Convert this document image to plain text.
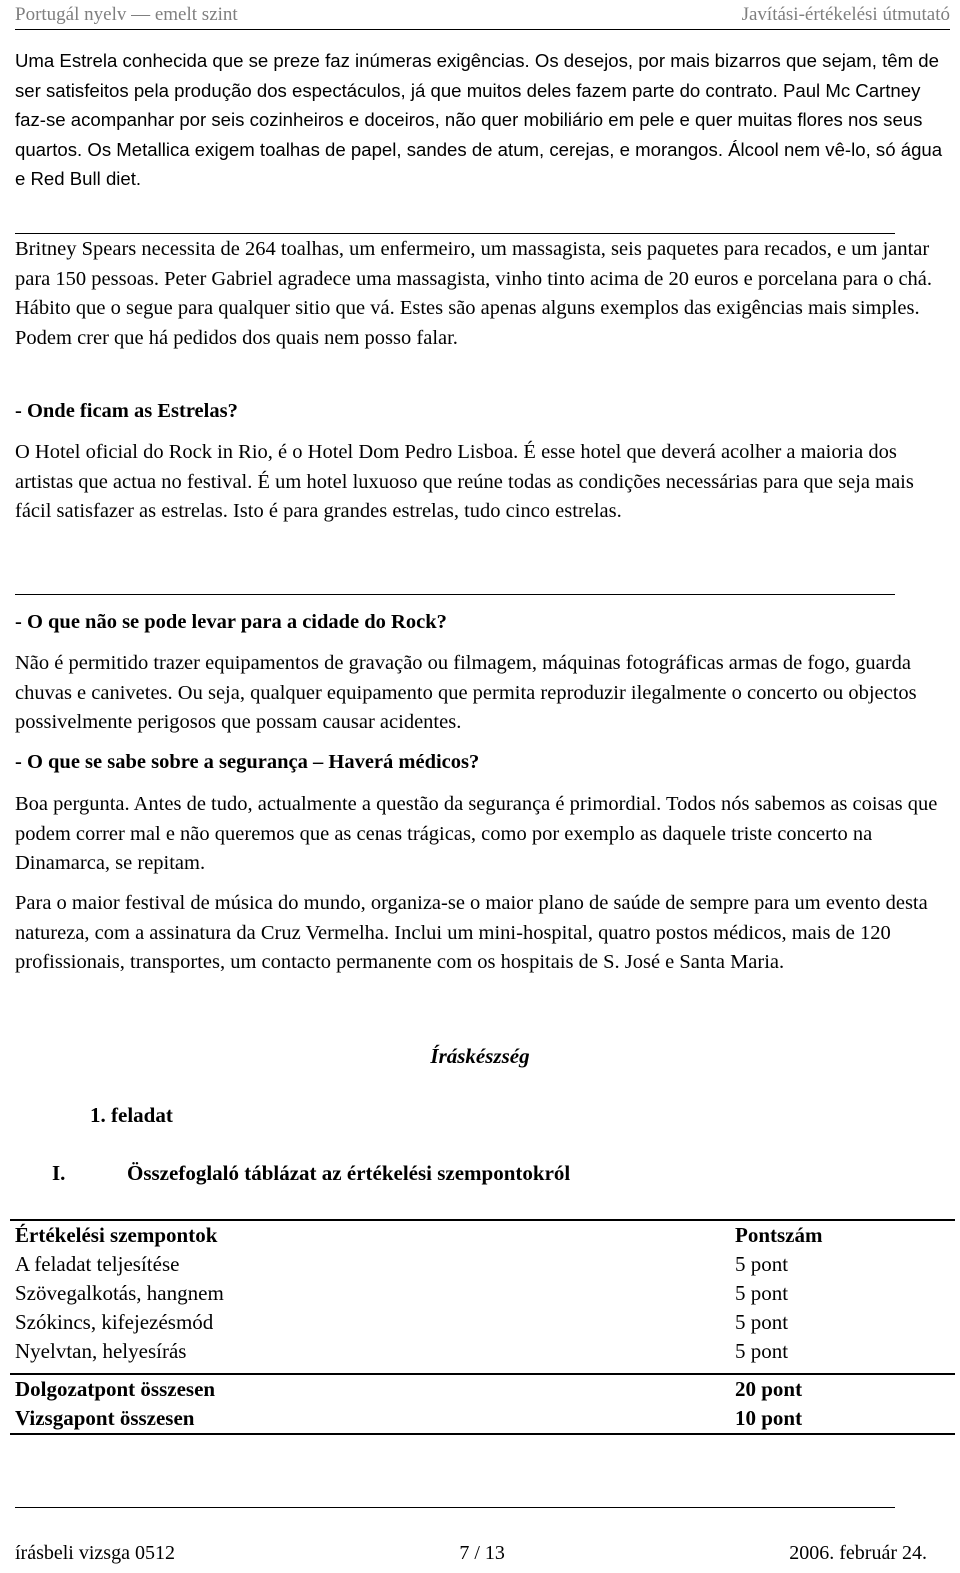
Portugál nyelv — emelt szint	Javítási-értékelési útmutató

Uma Estrela conhecida que se preze faz inúmeras exigências. Os desejos, por mais bizarros que sejam, têm de ser satisfeitos pela produção dos espectáculos, já que muitos deles fazem parte do contrato. Paul Mc Cartney faz-se acompanhar por seis cozinheiros e doceiros, não quer mobiliário em pele e quer muitas flores nos seus quartos. Os Metallica exigem toalhas de papel, sandes de atum, cerejas, e morangos. Álcool nem vê-lo, só água e Red Bull diet.

Britney Spears necessita de 264 toalhas, um enfermeiro, um massagista, seis paquetes para recados, e um jantar para 150 pessoas. Peter Gabriel agradece uma massagista, vinho tinto acima de 20 euros e porcelana para o chá. Hábito que o segue para qualquer sitio que vá. Estes são apenas alguns exemplos das exigências mais simples. Podem crer que há pedidos dos quais nem posso falar.

- Onde ficam as Estrelas?

O Hotel oficial do Rock in Rio, é o Hotel Dom Pedro Lisboa. É esse hotel que deverá acolher a maioria dos artistas que actua no festival. É um hotel luxuoso que reúne todas as condições necessárias para que seja mais fácil satisfazer as estrelas. Isto é para grandes estrelas, tudo cinco estrelas.

- O que não se pode levar para a cidade do Rock?

Não é permitido trazer equipamentos de gravação ou filmagem, máquinas fotográficas armas de fogo, guarda chuvas e canivetes. Ou seja, qualquer equipamento que permita reproduzir ilegalmente o concerto ou objectos possivelmente perigosos que possam causar acidentes.

- O que se sabe sobre a segurança – Haverá médicos?

Boa pergunta. Antes de tudo, actualmente a questão da segurança é primordial. Todos nós sabemos as coisas que podem correr mal e não queremos que as cenas trágicas, como por exemplo as daquele triste concerto na Dinamarca, se repitam.

Para o maior festival de música do mundo, organiza-se o maior plano de saúde de sempre para um evento desta natureza, com a assinatura da Cruz Vermelha. Inclui um mini-hospital, quatro postos médicos, mais de 120 profissionais, transportes, um contacto permanente com os hospitais de S. José e Santa Maria.

Íráskészség
1. feladat
I.	Összefoglaló táblázat az értékelési szempontokról
Értékelési szempontok	Pontszám
A feladat teljesítése	5 pont
Szövegalkotás, hangnem	5 pont
Szókincs, kifejezésmód	5 pont
Nyelvtan, helyesírás	5 pont
Dolgozatpont összesen	20 pont
Vizsgapont összesen	10 pont
írásbeli vizsga 0512	7 / 13	2006. február 24.
